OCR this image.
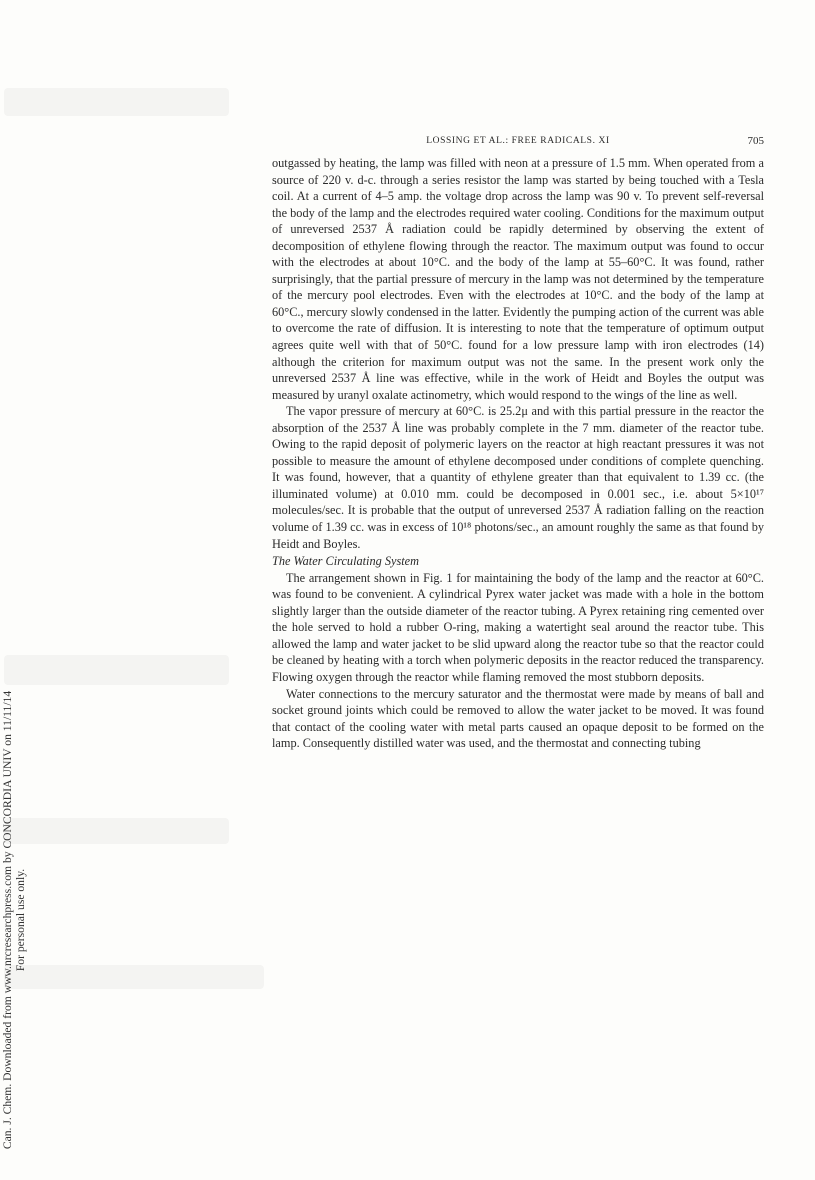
Can. J. Chem. Downloaded from www.nrcresearchpress.com by CONCORDIA UNIV on 11/11/14 For personal use only.
LOSSING ET AL.: FREE RADICALS. XI	705

outgassed by heating, the lamp was filled with neon at a pressure of 1.5 mm. When operated from a source of 220 v. d-c. through a series resistor the lamp was started by being touched with a Tesla coil. At a current of 4–5 amp. the voltage drop across the lamp was 90 v. To prevent self-reversal the body of the lamp and the electrodes required water cooling. Conditions for the maximum output of unreversed 2537 Å radiation could be rapidly determined by observing the extent of decomposition of ethylene flowing through the reactor. The maximum output was found to occur with the electrodes at about 10°C. and the body of the lamp at 55–60°C. It was found, rather surprisingly, that the partial pressure of mercury in the lamp was not determined by the temperature of the mercury pool electrodes. Even with the electrodes at 10°C. and the body of the lamp at 60°C., mercury slowly condensed in the latter. Evidently the pumping action of the current was able to overcome the rate of diffusion. It is interesting to note that the temperature of optimum output agrees quite well with that of 50°C. found for a low pressure lamp with iron electrodes (14) although the criterion for maximum output was not the same. In the present work only the unreversed 2537 Å line was effective, while in the work of Heidt and Boyles the output was measured by uranyl oxalate actinometry, which would respond to the wings of the line as well.

The vapor pressure of mercury at 60°C. is 25.2μ and with this partial pressure in the reactor the absorption of the 2537 Å line was probably complete in the 7 mm. diameter of the reactor tube. Owing to the rapid deposit of polymeric layers on the reactor at high reactant pressures it was not possible to measure the amount of ethylene decomposed under conditions of complete quenching. It was found, however, that a quantity of ethylene greater than that equivalent to 1.39 cc. (the illuminated volume) at 0.010 mm. could be decomposed in 0.001 sec., i.e. about 5×10¹⁷ molecules/sec. It is probable that the output of unreversed 2537 Å radiation falling on the reaction volume of 1.39 cc. was in excess of 10¹⁸ photons/sec., an amount roughly the same as that found by Heidt and Boyles.

The Water Circulating System

The arrangement shown in Fig. 1 for maintaining the body of the lamp and the reactor at 60°C. was found to be convenient. A cylindrical Pyrex water jacket was made with a hole in the bottom slightly larger than the outside diameter of the reactor tubing. A Pyrex retaining ring cemented over the hole served to hold a rubber O-ring, making a watertight seal around the reactor tube. This allowed the lamp and water jacket to be slid upward along the reactor tube so that the reactor could be cleaned by heating with a torch when polymeric deposits in the reactor reduced the transparency. Flowing oxygen through the reactor while flaming removed the most stubborn deposits.

Water connections to the mercury saturator and the thermostat were made by means of ball and socket ground joints which could be removed to allow the water jacket to be moved. It was found that contact of the cooling water with metal parts caused an opaque deposit to be formed on the lamp. Consequently distilled water was used, and the thermostat and connecting tubing
